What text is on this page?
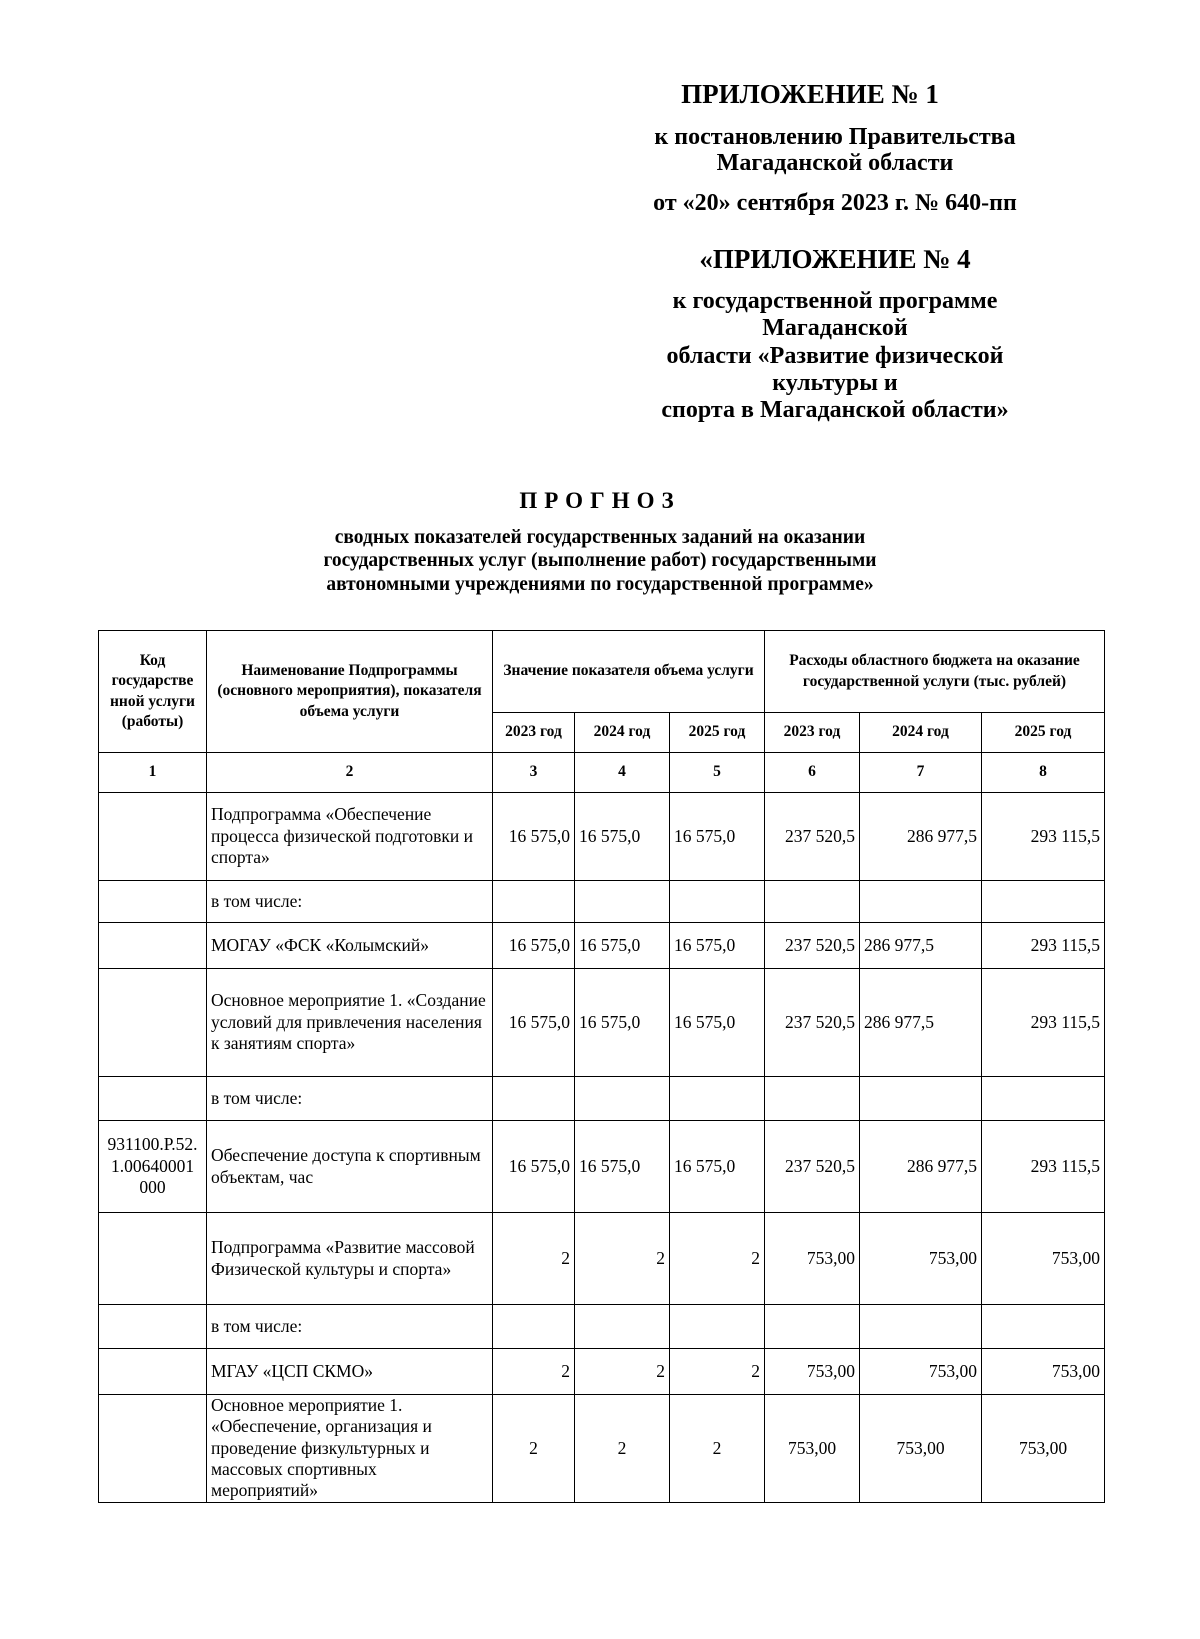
ПРИЛОЖЕНИЕ № 1
к постановлению Правительства
Магаданской области
от «20» сентября 2023 г. № 640-пп
«ПРИЛОЖЕНИЕ № 4
к государственной программе
Магаданской
области «Развитие физической
культуры и
спорта в Магаданской области»
ПРОГНОЗ
сводных показателей государственных заданий на оказании
государственных услуг (выполнение работ) государственными
автономными учреждениями по государственной программе»
Код государстве нной услуги (работы)	Наименование Подпрограммы (основного мероприятия), показателя объема услуги	Значение показателя объема услуги			Расходы областного бюджета на оказание государственной услуги (тыс. рублей)		
		2023 год	2024 год	2025 год	2023 год	2024 год	2025 год
1	2	3	4	5	6	7	8
	Подпрограмма «Обеспечение процесса физической подготовки и спорта»	16 575,0	16 575,0	16 575,0	237 520,5	286 977,5	293 115,5
	в том числе:						
	МОГАУ «ФСК «Колымский»	16 575,0	16 575,0	16 575,0	237 520,5	286 977,5	293 115,5
	Основное мероприятие 1. «Создание условий для привлечения населения к занятиям спорта»	16 575,0	16 575,0	16 575,0	237 520,5	286 977,5	293 115,5
	в том числе:						
931100.Р.52.1.00640001000	Обеспечение доступа к спортивным объектам, час	16 575,0	16 575,0	16 575,0	237 520,5	286 977,5	293 115,5
	Подпрограмма «Развитие массовой Физической культуры и спорта»	2	2	2	753,00	753,00	753,00
	в том числе:						
	МГАУ «ЦСП СКМО»	2	2	2	753,00	753,00	753,00
	Основное мероприятие 1. «Обеспечение, организация и проведение физкультурных и массовых спортивных мероприятий»	2	2	2	753,00	753,00	753,00
